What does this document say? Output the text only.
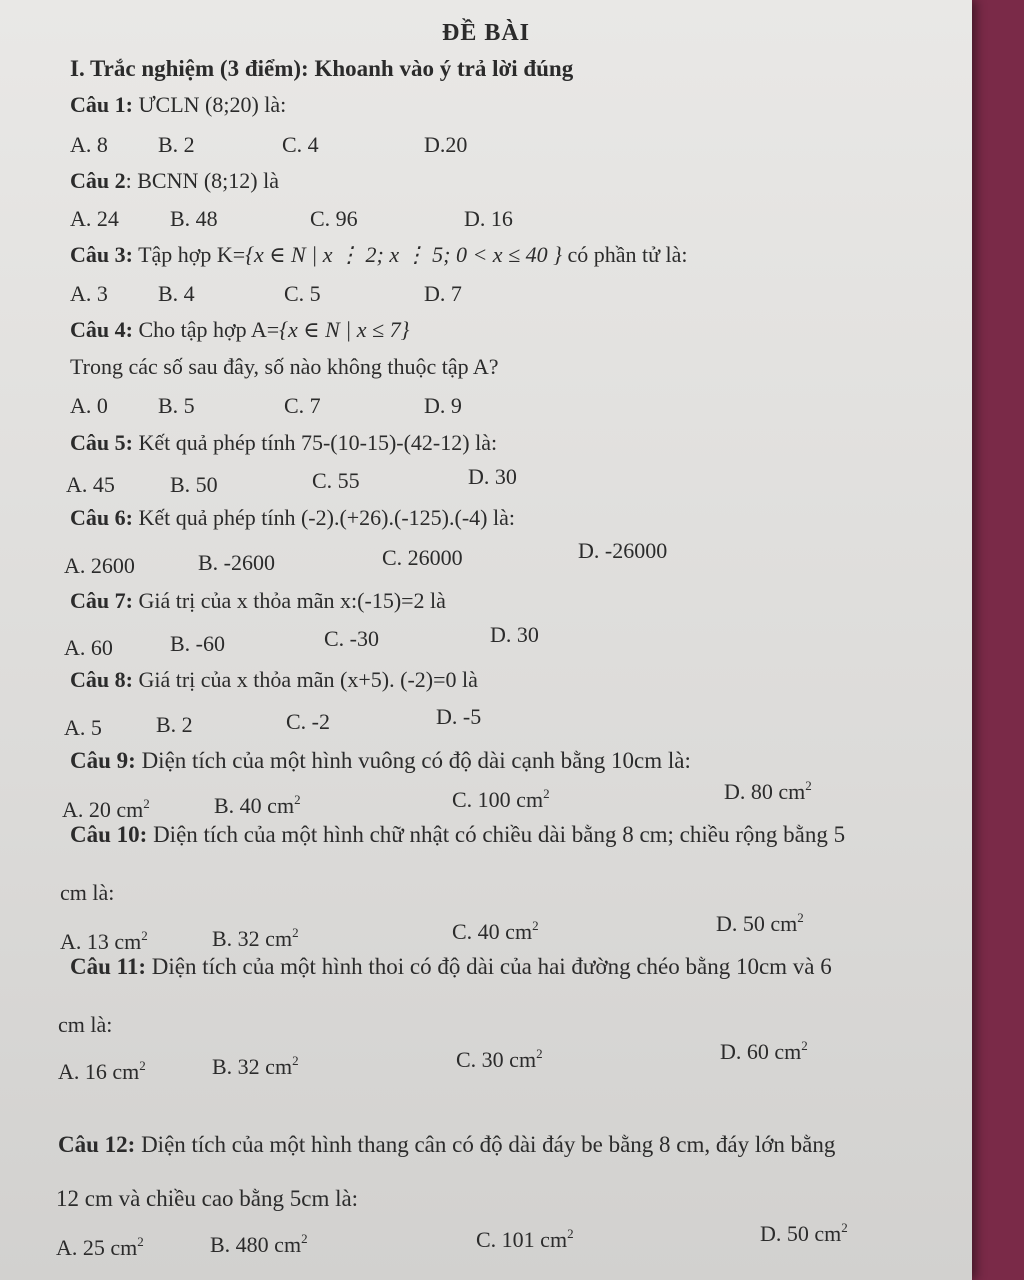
ĐỀ BÀI
I. Trắc nghiệm (3 điểm): Khoanh vào ý trả lời đúng
Câu 1: ƯCLN (8;20) là:
A. 8 B. 2	C. 4	D.20
Câu 2: BCNN (8;12) là
A. 24 B. 48	C. 96	D. 16
Câu 3: Tập hợp K={x ∈ N | x ⋮ 2; x ⋮ 5; 0 < x ≤ 40 } có phần tử là:
A. 3 B. 4	C. 5	D. 7
Câu 4: Cho tập hợp A={x ∈ N | x ≤ 7}
Trong các số sau đây, số nào không thuộc tập A?
A. 0 B. 5	C. 7	D. 9
Câu 5: Kết quả phép tính 75-(10-15)-(42-12) là:
A. 45	B. 50	C. 55	D. 30
Câu 6: Kết quả phép tính (-2).(+26).(-125).(-4) là:
A. 2600	B. -2600	C. 26000	D. -26000
Câu 7: Giá trị của x thỏa mãn x:(-15)=2 là
A. 60	B. -60	C. -30	D. 30
Câu 8: Giá trị của x thỏa mãn (x+5). (-2)=0 là
A. 5 B. 2	C. -2	D. -5
Câu 9: Diện tích của một hình vuông có độ dài cạnh bằng 10cm là:
A. 20 $cm^2$	B. 40 $cm^2$	C. 100 $cm^2$	D. 80 $cm^2$
Câu 10: Diện tích của một hình chữ nhật có chiều dài bằng 8 cm; chiều rộng bằng 5
cm là:
A. 13 $cm^2$	B. 32 $cm^2$	C. 40 $cm^2$	D. 50 $cm^2$
Câu 11: Diện tích của một hình thoi có độ dài của hai đường chéo bằng 10cm và 6
cm là:
A. 16 $cm^2$	B. 32 $cm^2$	C. 30 $cm^2$	D. 60 $cm^2$
Câu 12: Diện tích của một hình thang cân có độ dài đáy be bằng 8 cm, đáy lớn bằng
12 cm và chiều cao bằng 5cm là:
A. 25 $cm^2$	B. 480 $cm^2$	C. 101 $cm^2$	D. 50 $cm^2$
